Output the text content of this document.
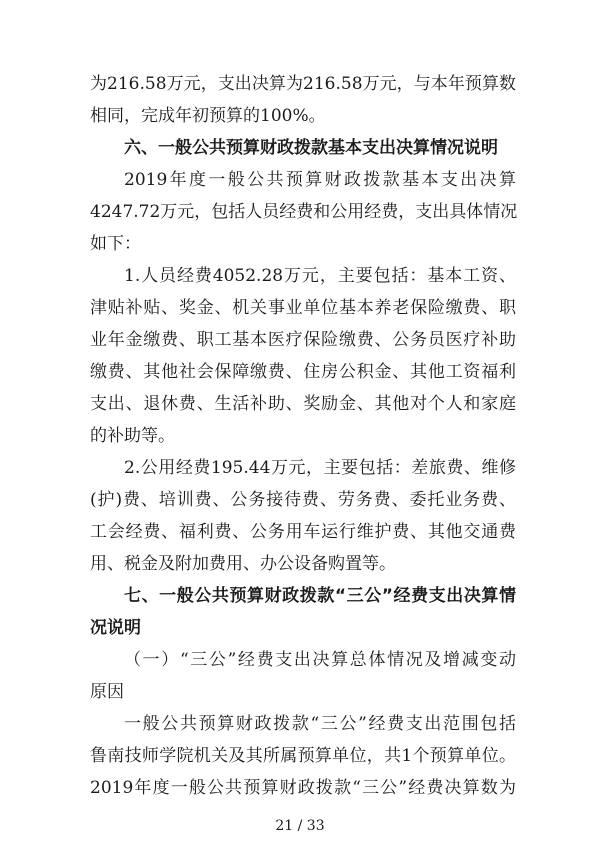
为216.58万元，支出决算为216.58万元，与本年预算数
相同，完成年初预算的100%。
六、一般公共预算财政拨款基本支出决算情况说明
2019年度一般公共预算财政拨款基本支出决算
4247.72万元，包括人员经费和公用经费，支出具体情况
如下：
1.人员经费4052.28万元，主要包括：基本工资、
津贴补贴、奖金、机关事业单位基本养老保险缴费、职
业年金缴费、职工基本医疗保险缴费、公务员医疗补助
缴费、其他社会保障缴费、住房公积金、其他工资福利
支出、退休费、生活补助、奖励金、其他对个人和家庭
的补助等。
2.公用经费195.44万元，主要包括：差旅费、维修
(护)费、培训费、公务接待费、劳务费、委托业务费、
工会经费、福利费、公务用车运行维护费、其他交通费
用、税金及附加费用、办公设备购置等。
七、一般公共预算财政拨款“三公”经费支出决算情
况说明
（一）“三公”经费支出决算总体情况及增减变动
原因
一般公共预算财政拨款“三公”经费支出范围包括
鲁南技师学院机关及其所属预算单位，共1个预算单位。
2019年度一般公共预算财政拨款“三公”经费决算数为
21 / 33
